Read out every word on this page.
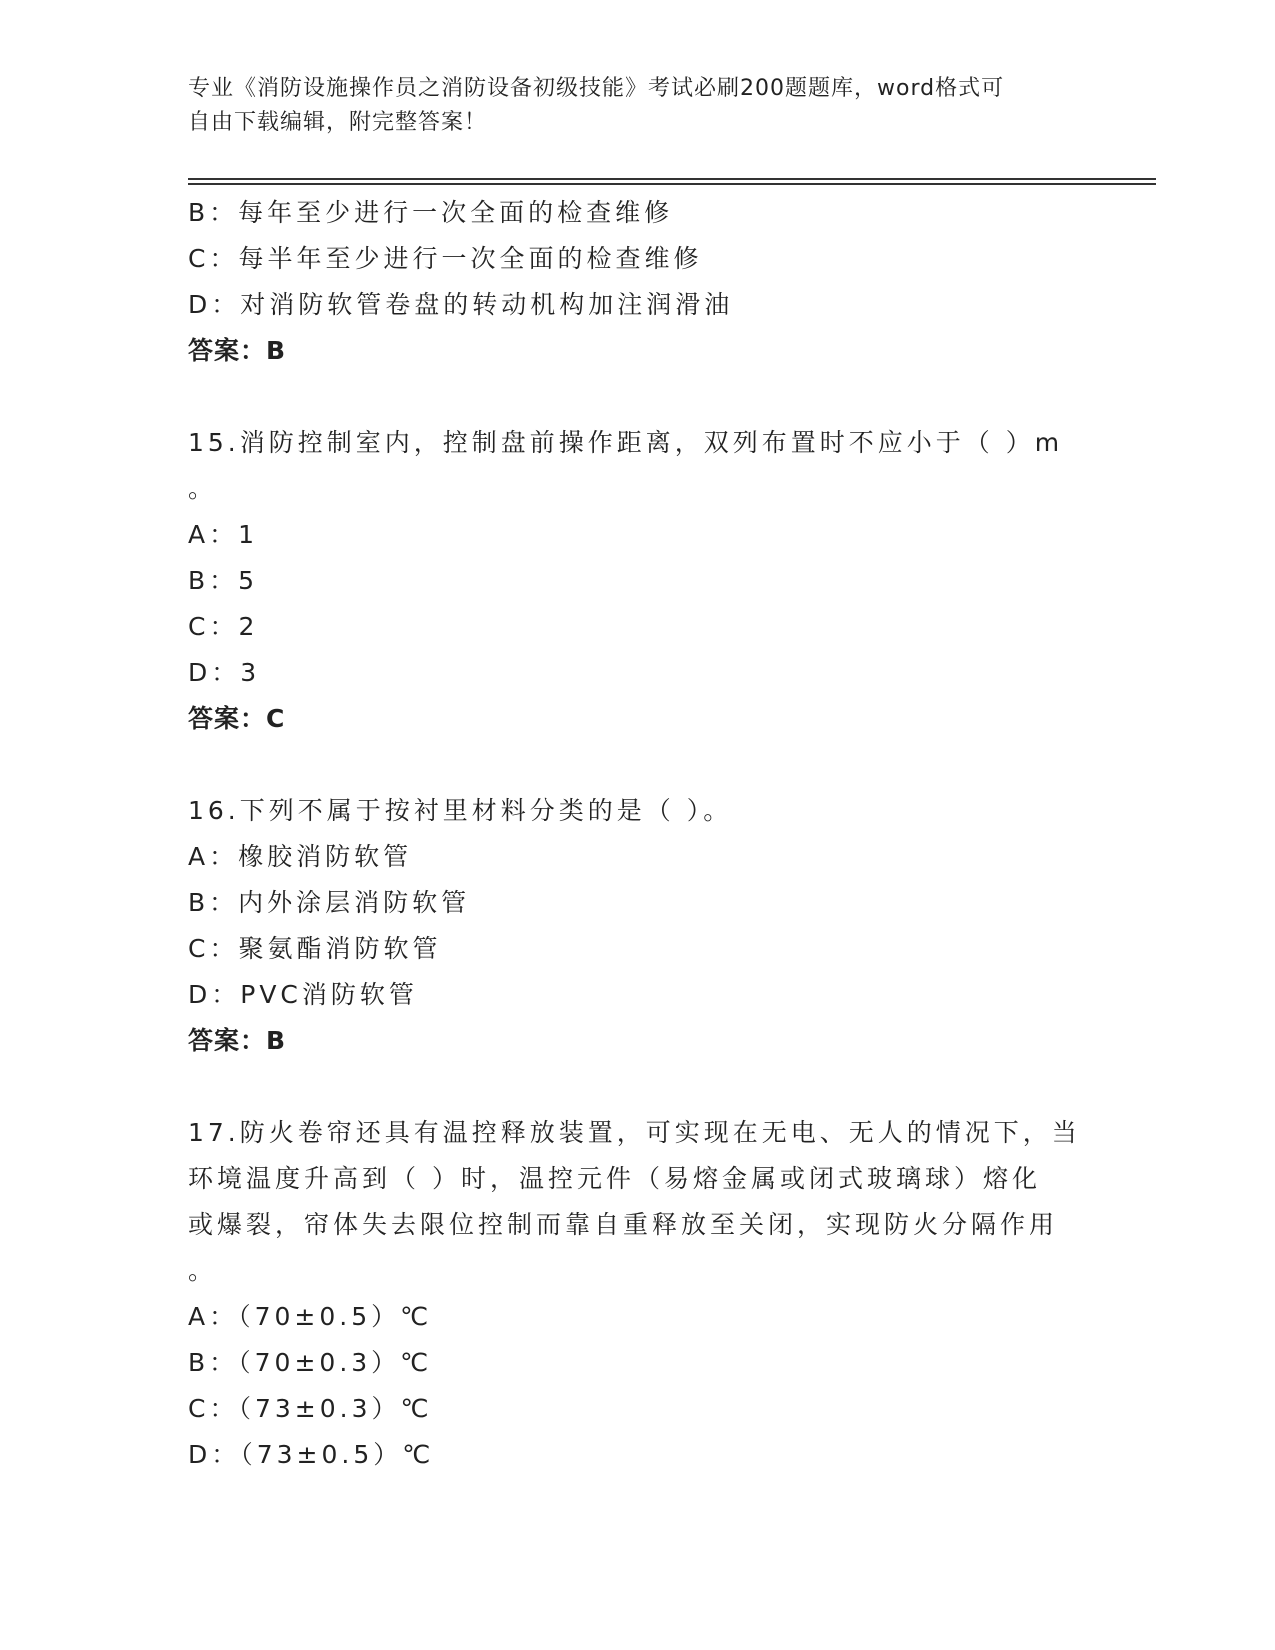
专业《消防设施操作员之消防设备初级技能》考试必刷200题题库，word格式可
自由下载编辑，附完整答案！
B：每年至少进行一次全面的检查维修
C：每半年至少进行一次全面的检查维修
D：对消防软管卷盘的转动机构加注润滑油
答案：B
15.消防控制室内，控制盘前操作距离，双列布置时不应小于（ ）m
。
A：1
B：5
C：2
D：3
答案：C
16.下列不属于按衬里材料分类的是（ ）。
A：橡胶消防软管
B：内外涂层消防软管
C：聚氨酯消防软管
D：PVC消防软管
答案：B
17.防火卷帘还具有温控释放装置，可实现在无电、无人的情况下，当
环境温度升高到（ ）时，温控元件（易熔金属或闭式玻璃球）熔化
或爆裂，帘体失去限位控制而靠自重释放至关闭，实现防火分隔作用
。
A：（70±0.5）℃
B：（70±0.3）℃
C：（73±0.3）℃
D：（73±0.5）℃
